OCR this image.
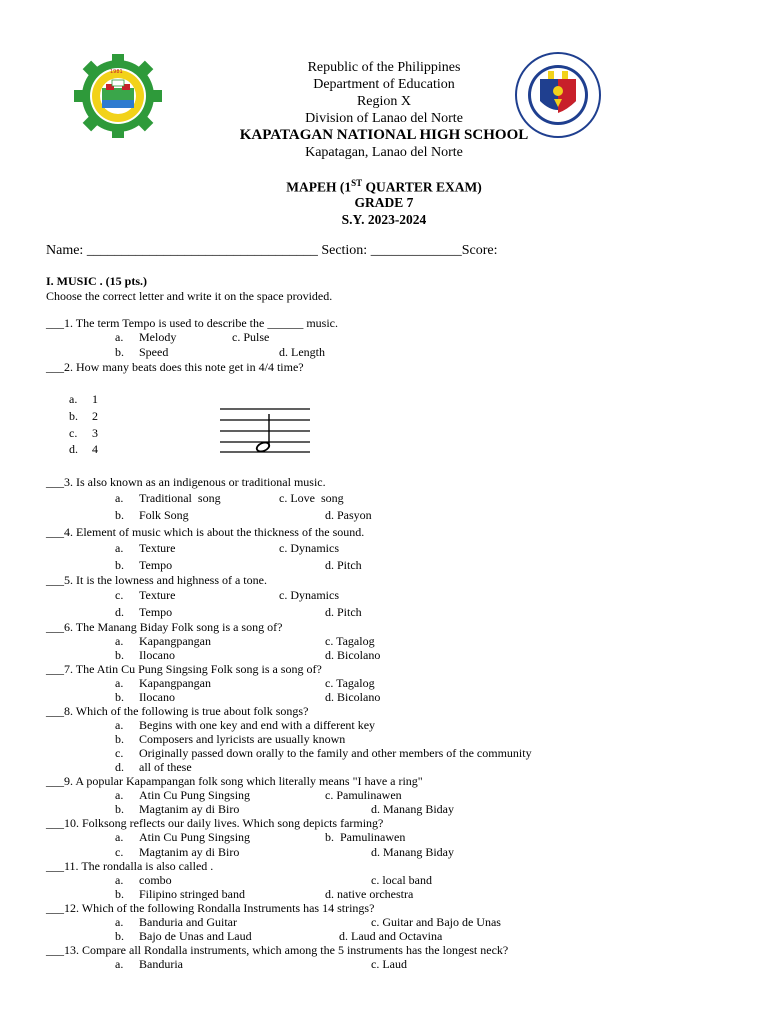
1981	Republic of the Philippines
Department of Education
Region X
Division of Lanao del Norte
KAPATAGAN NATIONAL HIGH SCHOOL
Kapatagan, Lanao del Norte
MAPEH (1ST QUARTER EXAM)
GRADE 7
S.Y. 2023-2024
Name: _________________________________ Section: _____________Score:
I. MUSIC . (15 pts.)
Choose the correct letter and write it on the space provided.
___1. The term Tempo is used to describe the ______ music.
a. Melody	c. Pulse
b. Speed	d. Length
___2. How many beats does this note get in 4/4 time?
a. 1
b. 2
c. 3
d. 4
___3. Is also known as an indigenous or traditional music.
a. Traditional  song	c. Love  song
b. Folk Song	d. Pasyon
___4. Element of music which is about the thickness of the sound.
a. Texture	c. Dynamics
b. Tempo	d. Pitch
___5. It is the lowness and highness of a tone.
c. Texture	c. Dynamics
d. Tempo	d. Pitch
___6. The Manang Biday Folk song is a song of?
a. Kapangpangan	c. Tagalog
b. Ilocano	d. Bicolano
___7. The Atin Cu Pung Singsing Folk song is a song of?
a. Kapangpangan	c. Tagalog
b. Ilocano	d. Bicolano
___8. Which of the following is true about folk songs?
a. Begins with one key and end with a different key
b. Composers and lyricists are usually known
c. Originally passed down orally to the family and other members of the community
d. all of these
___9. A popular Kapampangan folk song which literally means "I have a ring"
a. Atin Cu Pung Singsing	c. Pamulinawen
b. Magtanim ay di Biro	d. Manang Biday
___10. Folksong reflects our daily lives. Which song depicts farming?
a. Atin Cu Pung Singsing	b.  Pamulinawen
c. Magtanim ay di Biro	d. Manang Biday
___11. The rondalla is also called .
a. combo	c. local band
b. Filipino stringed band	d. native orchestra
___12. Which of the following Rondalla Instruments has 14 strings?
a. Banduria and Guitar	c. Guitar and Bajo de Unas
b. Bajo de Unas and Laud	d. Laud and Octavina
___13. Compare all Rondalla instruments, which among the 5 instruments has the longest neck?
a. Banduria	c. Laud
